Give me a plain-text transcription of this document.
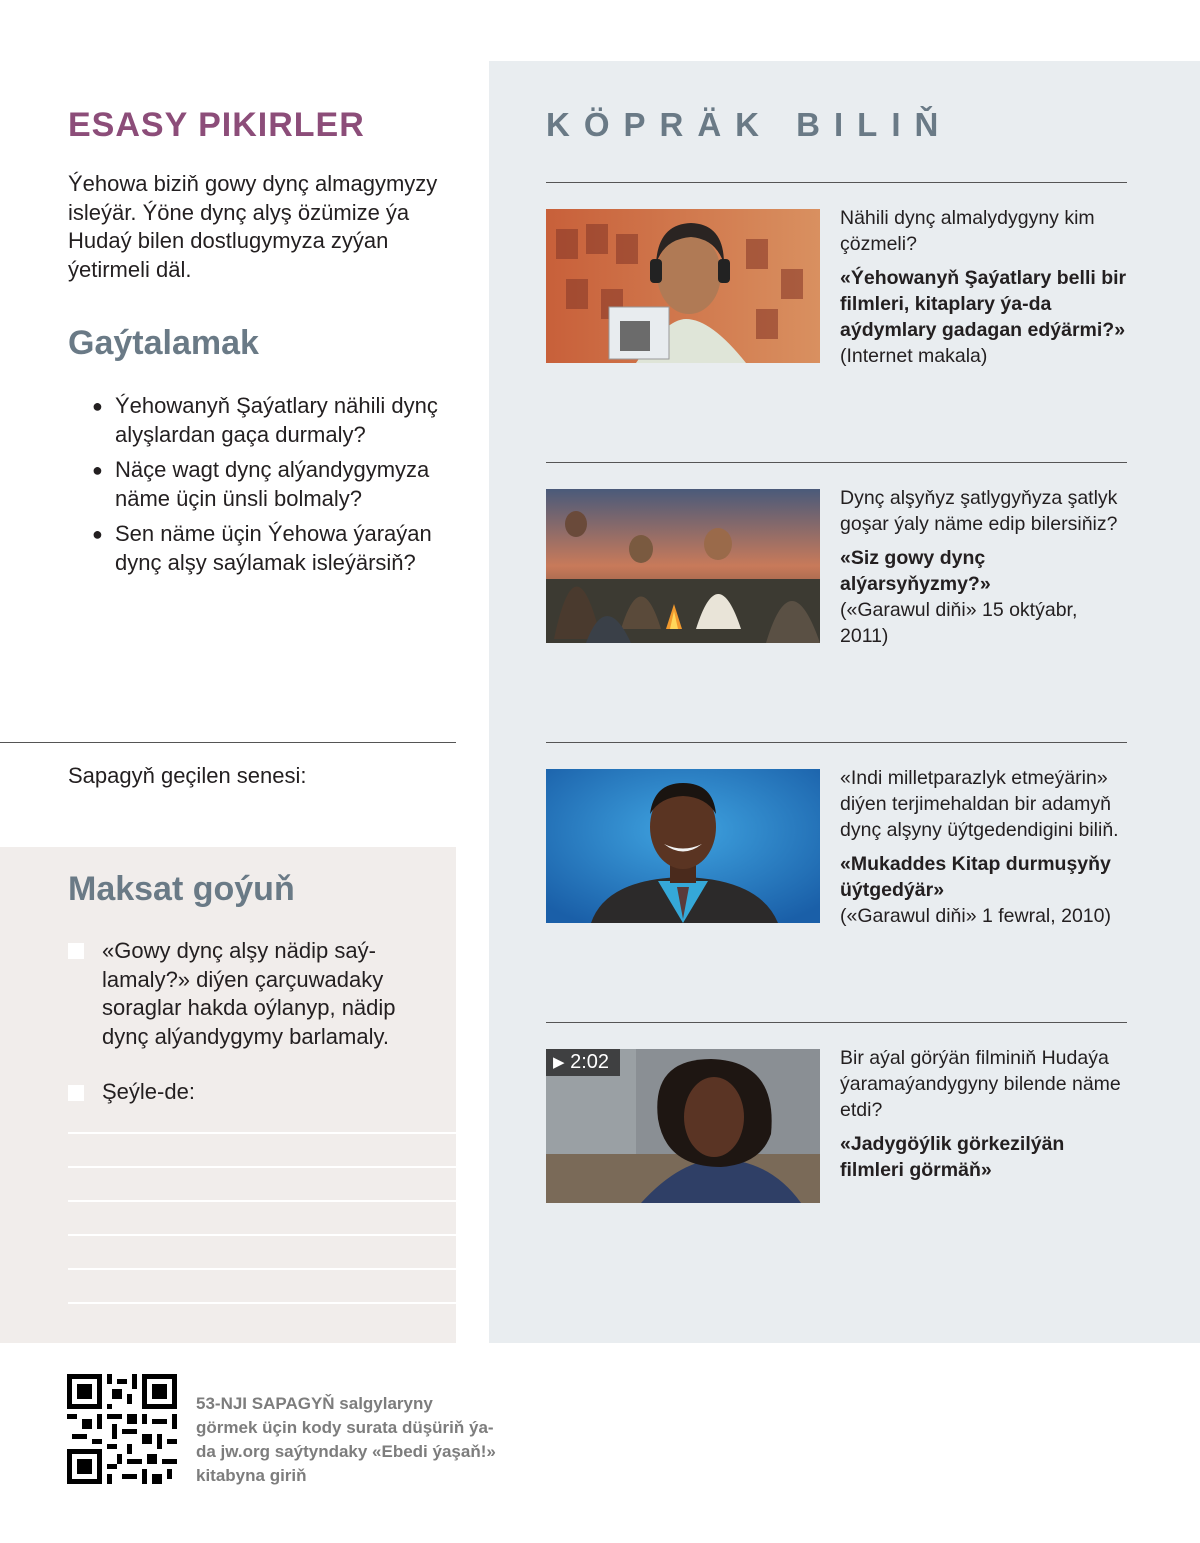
ESASY PIKIRLER

Ýehowa biziň gowy dynç almagymyzy isleýär. Ýöne dynç alyş özümize ýa Hudaý bilen dostlugymyza zyýan ýetirmeli däl.

Gaýtalamak
● Ýehowanyň Şaýatlary nähili dynç alyşlardan gaça durmaly?
● Näçe wagt dynç alýandygymyza näme üçin ünsli bolmaly?
● Sen näme üçin Ýehowa ýaraýan dynç alşy saýlamak isleýärsiň?

Sapagyň geçilen senesi:

Maksat goýuň

«Gowy dynç alşy nädip saýlamaly?» diýen çarçuwadaky soraglar hakda oýlanyp, nädip dynç alýandygymy barlamaly.

Şeýle-de:

KÖPRÄK BILIŇ

Nähili dynç almalydygyny kim çözmeli?

«Ýehowanyň Şaýatlary belli bir filmleri, kitaplary ýa-da aýdymlary gadagan edýärmi?»

(Internet makala)

Dynç alşyňyz şatlygyňyza şatlyk goşar ýaly näme edip bilersiňiz?

«Siz gowy dynç alýarsyňyzmy?»

(«Garawul diňi» 15 oktýabr, 2011)

«Indi milletparazlyk etmeýärin» diýen terjimehaldan bir adamyň dynç alşyny üýtgedendigini biliň.

«Mukaddes Kitap durmuşyňy üýtgedýär»

(«Garawul diňi» 1 fewral, 2010)

▶ 2:02	Bir aýal görýän filminiň Hudaýa ýaramaýandygyny bilende näme etdi?

«Jadygöýlik görkezilýän filmleri görmäň»

53-NJI SAPAGYŇ salgylaryny görmek üçin kody surata düşüriň ýa-da jw.org saýtyndaky «Ebedi ýaşaň!» kitabyna giriň
